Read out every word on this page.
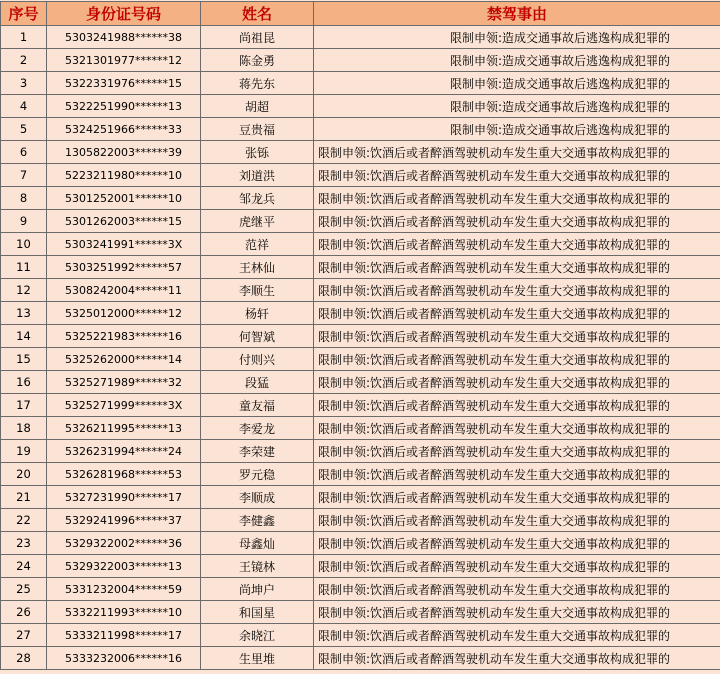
序号	身份证号码	姓名	禁驾事由
1	5303241988******38	尚祖昆	限制申领:造成交通事故后逃逸构成犯罪的
2	5321301977******12	陈金勇	限制申领:造成交通事故后逃逸构成犯罪的
3	5322331976******15	蒋先东	限制申领:造成交通事故后逃逸构成犯罪的
4	5322251990******13	胡超	限制申领:造成交通事故后逃逸构成犯罪的
5	5324251966******33	豆贵福	限制申领:造成交通事故后逃逸构成犯罪的
6	1305822003******39	张铄	限制申领:饮酒后或者醉酒驾驶机动车发生重大交通事故构成犯罪的
7	5223211980******10	刘道洪	限制申领:饮酒后或者醉酒驾驶机动车发生重大交通事故构成犯罪的
8	5301252001******10	邹龙兵	限制申领:饮酒后或者醉酒驾驶机动车发生重大交通事故构成犯罪的
9	5301262003******15	虎继平	限制申领:饮酒后或者醉酒驾驶机动车发生重大交通事故构成犯罪的
10	5303241991******3X	范祥	限制申领:饮酒后或者醉酒驾驶机动车发生重大交通事故构成犯罪的
11	5303251992******57	王林仙	限制申领:饮酒后或者醉酒驾驶机动车发生重大交通事故构成犯罪的
12	5308242004******11	李顺生	限制申领:饮酒后或者醉酒驾驶机动车发生重大交通事故构成犯罪的
13	5325012000******12	杨轩	限制申领:饮酒后或者醉酒驾驶机动车发生重大交通事故构成犯罪的
14	5325221983******16	何智斌	限制申领:饮酒后或者醉酒驾驶机动车发生重大交通事故构成犯罪的
15	5325262000******14	付则兴	限制申领:饮酒后或者醉酒驾驶机动车发生重大交通事故构成犯罪的
16	5325271989******32	段猛	限制申领:饮酒后或者醉酒驾驶机动车发生重大交通事故构成犯罪的
17	5325271999******3X	童友福	限制申领:饮酒后或者醉酒驾驶机动车发生重大交通事故构成犯罪的
18	5326211995******13	李爱龙	限制申领:饮酒后或者醉酒驾驶机动车发生重大交通事故构成犯罪的
19	5326231994******24	李荣建	限制申领:饮酒后或者醉酒驾驶机动车发生重大交通事故构成犯罪的
20	5326281968******53	罗元稳	限制申领:饮酒后或者醉酒驾驶机动车发生重大交通事故构成犯罪的
21	5327231990******17	李顺成	限制申领:饮酒后或者醉酒驾驶机动车发生重大交通事故构成犯罪的
22	5329241996******37	李健鑫	限制申领:饮酒后或者醉酒驾驶机动车发生重大交通事故构成犯罪的
23	5329322002******36	母鑫灿	限制申领:饮酒后或者醉酒驾驶机动车发生重大交通事故构成犯罪的
24	5329322003******13	王镜林	限制申领:饮酒后或者醉酒驾驶机动车发生重大交通事故构成犯罪的
25	5331232004******59	尚坤户	限制申领:饮酒后或者醉酒驾驶机动车发生重大交通事故构成犯罪的
26	5332211993******10	和国星	限制申领:饮酒后或者醉酒驾驶机动车发生重大交通事故构成犯罪的
27	5333211998******17	余晓江	限制申领:饮酒后或者醉酒驾驶机动车发生重大交通事故构成犯罪的
28	5333232006******16	生里堆	限制申领:饮酒后或者醉酒驾驶机动车发生重大交通事故构成犯罪的
